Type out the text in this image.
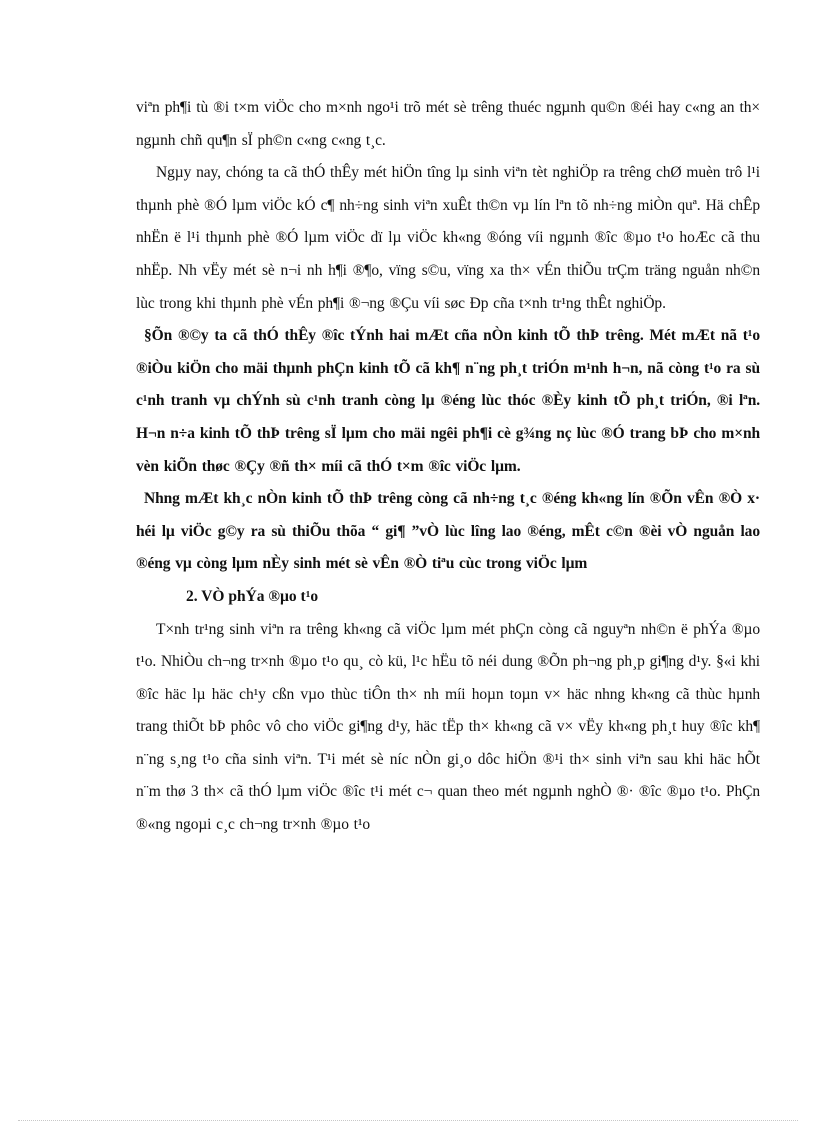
viªn ph¶i tù ®i t×m viÖc cho m×nh ngo¹i trõ mét sè trêng thuéc ngµnh qu©n ®éi hay c«ng an th× ngµnh chñ qu¶n sÏ ph©n c«ng c«ng t¸c.

Ngµy nay, chóng ta cã thÓ thÊy mét hiÖn tîng lµ sinh viªn tèt nghiÖp ra trêng chØ muèn trô l¹i thµnh phè ®Ó lµm viÖc kÓ c¶ nh÷ng sinh viªn xuÊt th©n vµ lín lªn tõ nh÷ng miÒn quª. Hä chÊp nhËn ë l¹i thµnh phè ®Ó lµm viÖc dï lµ viÖc kh«ng ®óng víi ngµnh ®îc ®µo t¹o hoÆc cã thu nhËp. Nh vËy mét sè n¬i nh h¶i ®¶o, vïng s©u, vïng xa th× vÉn thiÕu trÇm träng nguån nh©n lùc trong khi thµnh phè vÉn ph¶i ®¬ng ®Çu víi søc Ðp cña t×nh tr¹ng thÊt nghiÖp.

§Õn ®©y ta cã thÓ thÊy ®îc tÝnh hai mÆt cña nÒn kinh tÕ thÞ trêng. Mét mÆt nã t¹o ®iÒu kiÖn cho mäi thµnh phÇn kinh tÕ cã kh¶ n¨ng ph¸t triÓn m¹nh h¬n, nã còng t¹o ra sù c¹nh tranh vµ chÝnh sù c¹nh tranh còng lµ ®éng lùc thóc ®Èy kinh tÕ ph¸t triÓn, ®i lªn. H¬n n÷a kinh tÕ thÞ trêng sÏ lµm cho mäi ngêi ph¶i cè g¾ng nç lùc ®Ó trang bÞ cho m×nh vèn kiÕn thøc ®Çy ®ñ th× míi cã thÓ t×m ®îc viÖc lµm.

Nhng mÆt kh¸c nÒn kinh tÕ thÞ trêng còng cã nh÷ng t¸c ®éng kh«ng lín ®Õn vÊn ®Ò x· héi lµ viÖc g©y ra sù thiÕu thõa “ gi¶ ”vÒ lùc lîng lao ®éng, mÊt c©n ®èi vÒ nguån lao ®éng vµ còng lµm nÈy sinh mét sè vÊn ®Ò tiªu cùc trong viÖc lµm

2. VÒ phÝa ®µo t¹o

T×nh tr¹ng sinh viªn ra trêng kh«ng cã viÖc lµm mét phÇn còng cã nguyªn nh©n ë phÝa ®µo t¹o. NhiÒu ch¬ng tr×nh ®µo t¹o qu¸ cò kü, l¹c hËu tõ néi dung ®Õn ph¬ng ph¸p gi¶ng d¹y. §«i khi ®îc häc lµ häc ch¹y cßn vµo thùc tiÔn th× nh míi hoµn toµn v× häc nhng kh«ng cã thùc hµnh trang thiÕt bÞ phôc vô cho viÖc gi¶ng d¹y, häc tËp th× kh«ng cã v× vËy kh«ng ph¸t huy ®îc kh¶ n¨ng s¸ng t¹o cña sinh viªn. T¹i mét sè níc nÒn gi¸o dôc hiÖn ®¹i th× sinh viªn sau khi häc hÕt n¨m thø 3 th× cã thÓ lµm viÖc ®îc t¹i mét c¬ quan theo mét ngµnh nghÒ ®· ®îc ®µo t¹o. PhÇn ®«ng ngoµi c¸c ch¬ng tr×nh ®µo t¹o
